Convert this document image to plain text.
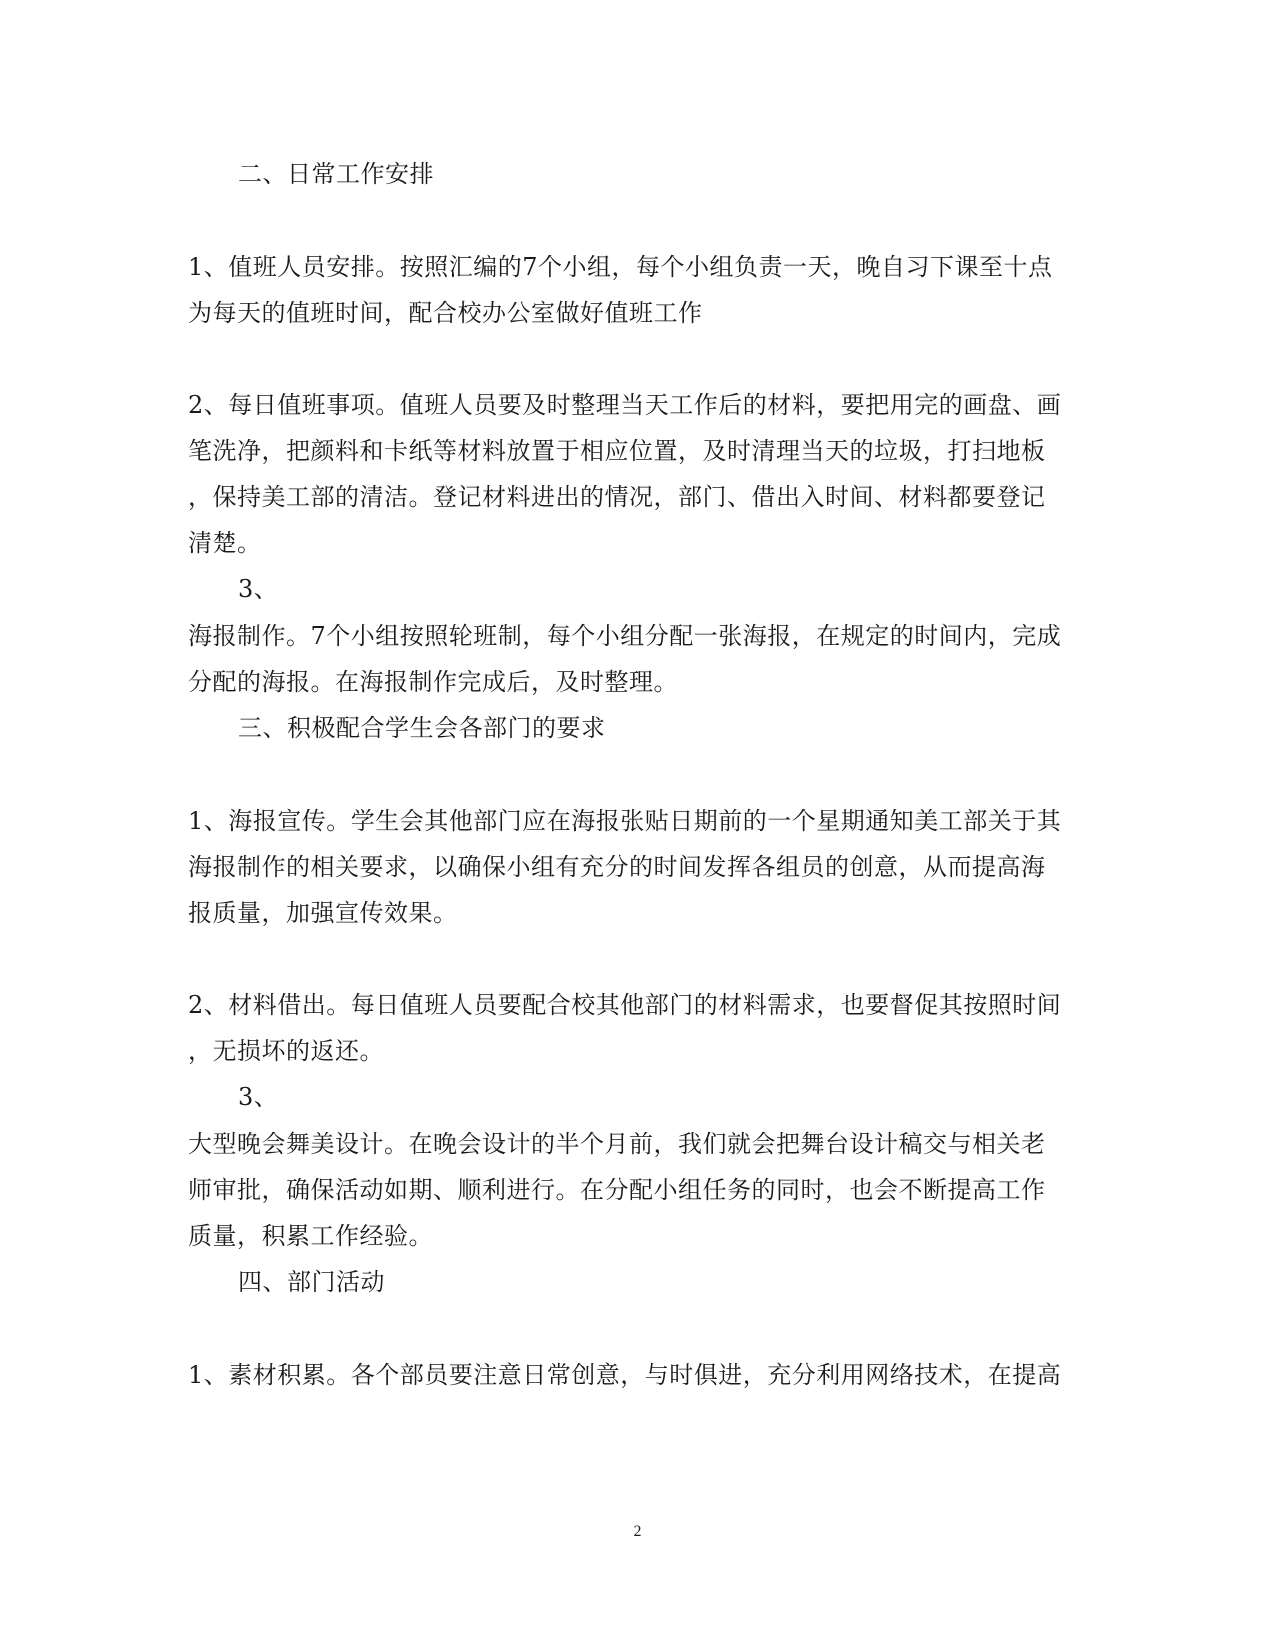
二、日常工作安排
1、值班人员安排。按照汇编的7个小组，每个小组负责一天，晚自习下课至十点
为每天的值班时间，配合校办公室做好值班工作
2、每日值班事项。值班人员要及时整理当天工作后的材料，要把用完的画盘、画
笔洗净，把颜料和卡纸等材料放置于相应位置，及时清理当天的垃圾，打扫地板
，保持美工部的清洁。登记材料进出的情况，部门、借出入时间、材料都要登记
清楚。
3、
海报制作。7个小组按照轮班制，每个小组分配一张海报，在规定的时间内，完成
分配的海报。在海报制作完成后，及时整理。
三、积极配合学生会各部门的要求
1、海报宣传。学生会其他部门应在海报张贴日期前的一个星期通知美工部关于其
海报制作的相关要求，以确保小组有充分的时间发挥各组员的创意，从而提高海
报质量，加强宣传效果。
2、材料借出。每日值班人员要配合校其他部门的材料需求，也要督促其按照时间
，无损坏的返还。
3、
大型晚会舞美设计。在晚会设计的半个月前，我们就会把舞台设计稿交与相关老
师审批，确保活动如期、顺利进行。在分配小组任务的同时，也会不断提高工作
质量，积累工作经验。
四、部门活动
1、素材积累。各个部员要注意日常创意，与时俱进，充分利用网络技术，在提高
2
